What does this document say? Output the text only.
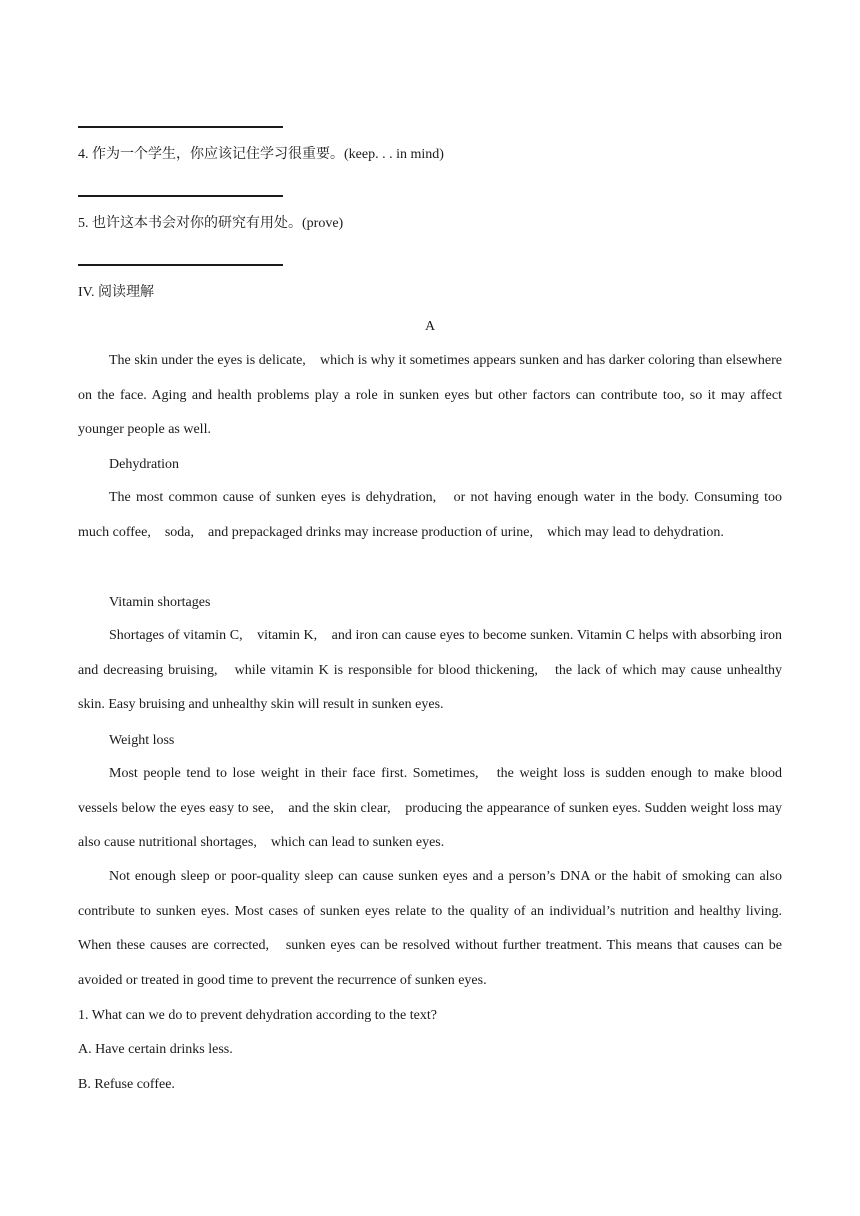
4. 作为一个学生，你应该记住学习很重要。(keep. . . in mind)
5. 也许这本书会对你的研究有用处。(prove)
IV. 阅读理解
A

The skin under the eyes is delicate,　which is why it sometimes appears sunken and has darker coloring than elsewhere on the face. Aging and health problems play a role in sunken eyes but other factors can contribute too, so it may affect younger people as well.

Dehydration

The most common cause of sunken eyes is dehydration,　or not having enough water in the body. Consuming too much coffee,　soda,　and prepackaged drinks may increase production of urine,　which may lead to dehydration.

Vitamin shortages

Shortages of vitamin C,　vitamin K,　and iron can cause eyes to become sunken. Vitamin C helps with absorbing iron and decreasing bruising,　while vitamin K is responsible for blood thickening,　the lack of which may cause unhealthy skin. Easy bruising and unhealthy skin will result in sunken eyes.

Weight loss

Most people tend to lose weight in their face first. Sometimes,　the weight loss is sudden enough to make blood vessels below the eyes easy to see,　and the skin clear,　producing the appearance of sunken eyes. Sudden weight loss may also cause nutritional shortages,　which can lead to sunken eyes.

Not enough sleep or poor-quality sleep can cause sunken eyes and a person’s DNA or the habit of smoking can also contribute to sunken eyes. Most cases of sunken eyes relate to the quality of an individual’s nutrition and healthy living. When these causes are corrected,　sunken eyes can be resolved without further treatment. This means that causes can be avoided or treated in good time to prevent the recurrence of sunken eyes.

1. What can we do to prevent dehydration according to the text?
A. Have certain drinks less.
B. Refuse coffee.
